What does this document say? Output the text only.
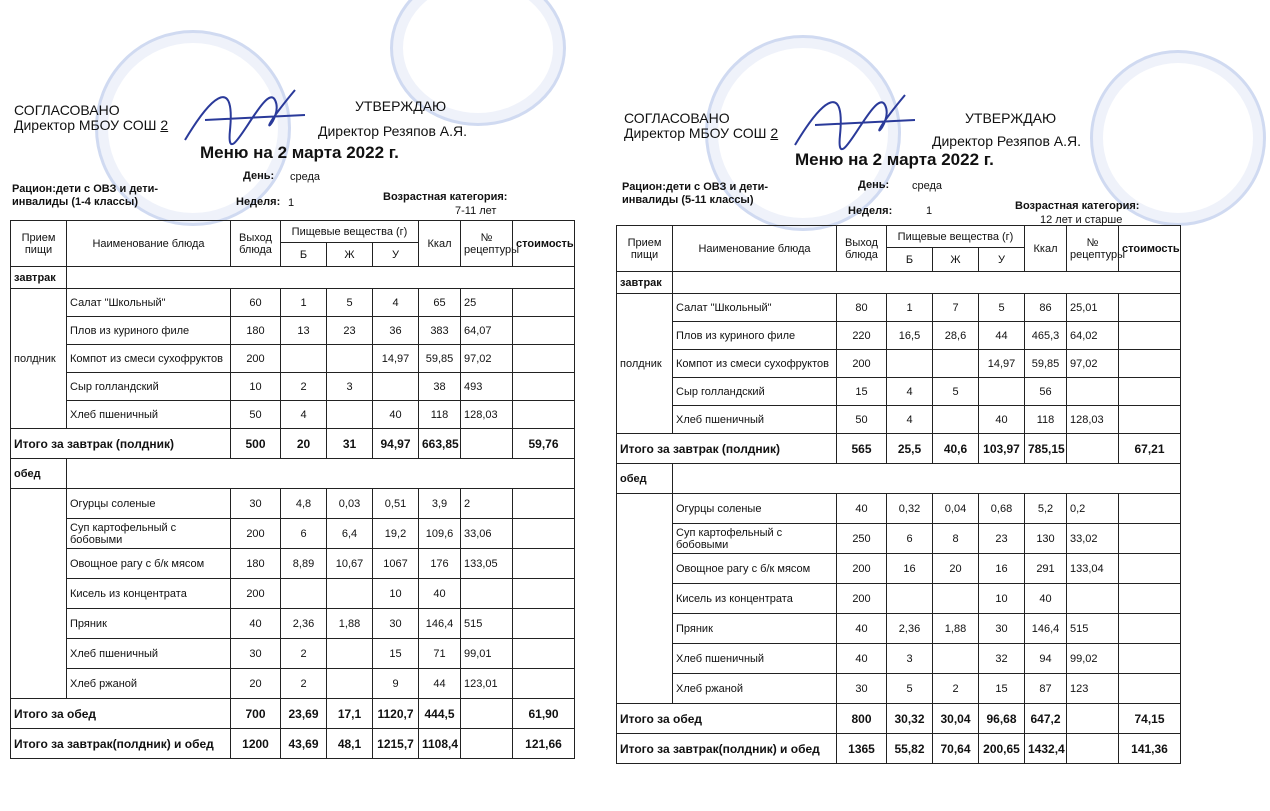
СОГЛАСОВАНО
Директор МБОУ СОШ 2
УТВЕРЖДАЮ
Директор Резяпов А.Я.
Меню на 2 марта 2022 г.
День: среда
Рацион:дети с ОВЗ и дети-инвалиды (1-4 классы)	Неделя: 1	Возрастная категория:
7-11 лет
Прием пищи	Наименование блюда	Выход блюда	Пищевые вещества (г)			Ккал	№ рецептуры	стоимость
			Б	Ж	У			
завтрак								
полдник	Салат "Школьный"	60	1	5	4	65	25	
	Плов из куриного филе	180	13	23	36	383	64,07	
	Компот из смеси сухофруктов	200			14,97	59,85	97,02	
	Сыр голландский	10	2	3		38	493	
	Хлеб пшеничный	50	4		40	118	128,03	
Итого за завтрак (полдник)		500	20	31	94,97	663,85		59,76
обед								
	Огурцы соленые	30	4,8	0,03	0,51	3,9	2	
	Суп картофельный с бобовыми	200	6	6,4	19,2	109,6	33,06	
	Овощное рагу с б/к мясом	180	8,89	10,67	1067	176	133,05	
	Кисель из концентрата	200			10	40		
	Пряник	40	2,36	1,88	30	146,4	515	
	Хлеб пшеничный	30	2		15	71	99,01	
	Хлеб ржаной	20	2		9	44	123,01	
Итого за обед		700	23,69	17,1	1120,7	444,5		61,90
Итого за завтрак(полдник) и обед		1200	43,69	48,1	1215,7	1108,4		121,66
СОГЛАСОВАНО
Директор МБОУ СОШ 2
УТВЕРЖДАЮ
Директор Резяпов А.Я.
Меню на 2 марта 2022 г.
День: среда
Рацион:дети с ОВЗ и дети-инвалиды (5-11 классы)
Неделя:	1	Возрастная категория:
12 лет и старше
Прием пищи	Наименование блюда	Выход блюда	Пищевые вещества (г)			Ккал	№ рецептуры	стоимость
			Б	Ж	У			
завтрак								
полдник	Салат "Школьный"	80	1	7	5	86	25,01	
	Плов из куриного филе	220	16,5	28,6	44	465,3	64,02	
	Компот из смеси сухофруктов	200			14,97	59,85	97,02	
	Сыр голландский	15	4	5		56		
	Хлеб пшеничный	50	4		40	118	128,03	
Итого за завтрак (полдник)		565	25,5	40,6	103,97	785,15		67,21
обед								
	Огурцы соленые	40	0,32	0,04	0,68	5,2	0,2	
	Суп картофельный с бобовыми	250	6	8	23	130	33,02	
	Овощное рагу с б/к мясом	200	16	20	16	291	133,04	
	Кисель из концентрата	200			10	40		
	Пряник	40	2,36	1,88	30	146,4	515	
	Хлеб пшеничный	40	3		32	94	99,02	
	Хлеб ржаной	30	5	2	15	87	123	
Итого за обед		800	30,32	30,04	96,68	647,2		74,15
Итого за завтрак(полдник) и обед		1365	55,82	70,64	200,65	1432,4		141,36
